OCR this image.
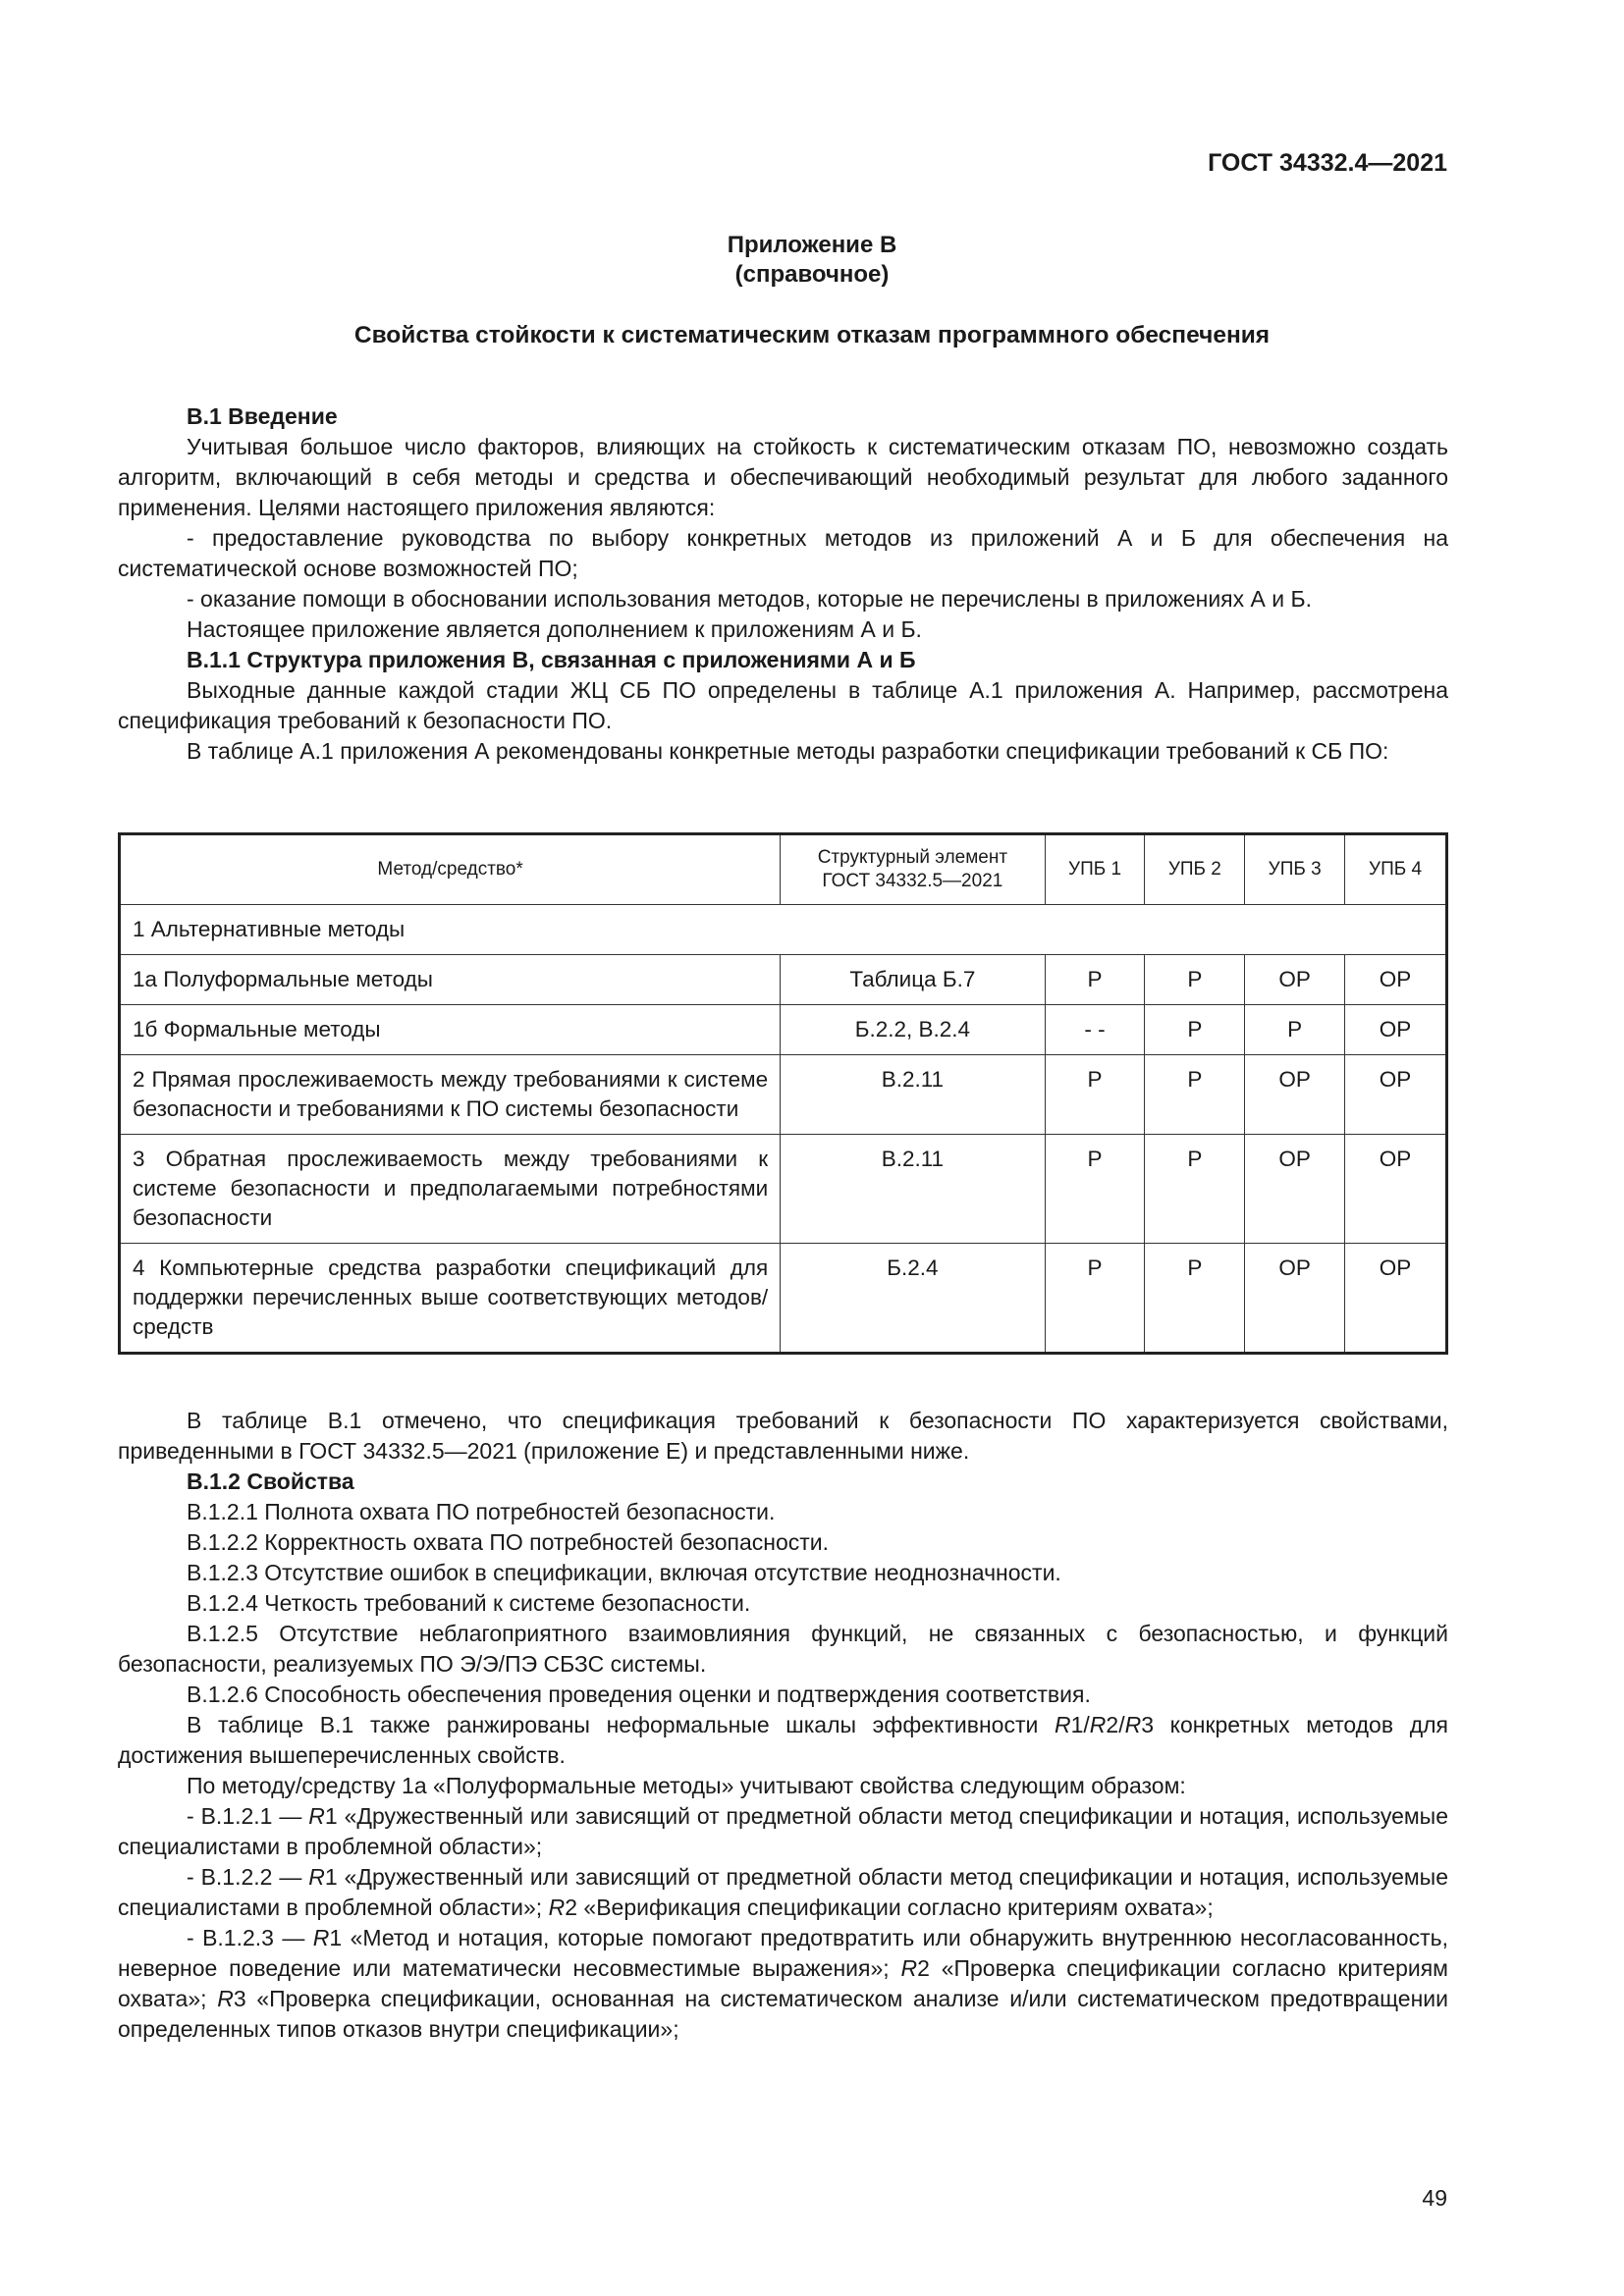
ГОСТ 34332.4—2021
Приложение В
(справочное)
Свойства стойкости к систематическим отказам программного обеспечения

В.1 Введение

Учитывая большое число факторов, влияющих на стойкость к систематическим отказам ПО, невозможно создать алгоритм, включающий в себя методы и средства и обеспечивающий необходимый результат для любого заданного применения. Целями настоящего приложения являются:

- предоставление руководства по выбору конкретных методов из приложений А и Б для обеспечения на систематической основе возможностей ПО;

- оказание помощи в обосновании использования методов, которые не перечислены в приложениях А и Б.

Настоящее приложение является дополнением к приложениям А и Б.

В.1.1 Структура приложения В, связанная с приложениями А и Б

Выходные данные каждой стадии ЖЦ СБ ПО определены в таблице А.1 приложения А. Например, рассмотрена спецификация требований к безопасности ПО.

В таблице А.1 приложения А рекомендованы конкретные методы разработки спецификации требований к СБ ПО:

Метод/средство*	Структурный элемент ГОСТ 34332.5—2021	УПБ 1	УПБ 2	УПБ 3	УПБ 4
1 Альтернативные методы					
1а Полуформальные методы	Таблица Б.7	Р	Р	ОР	ОР
1б Формальные методы	Б.2.2, В.2.4	- -	Р	Р	ОР
2 Прямая прослеживаемость между требованиями к системе безопасности и требованиями к ПО системы безопасности	В.2.11	Р	Р	ОР	ОР
3 Обратная прослеживаемость между требованиями к системе безопасности и предполагаемыми потребностями безопасности	В.2.11	Р	Р	ОР	ОР
4 Компьютерные средства разработки спецификаций для поддержки перечисленных выше соответствующих методов/средств	Б.2.4	Р	Р	ОР	ОР

В таблице В.1 отмечено, что спецификация требований к безопасности ПО характеризуется свойствами, приведенными в ГОСТ 34332.5—2021 (приложение Е) и представленными ниже.

В.1.2 Свойства

В.1.2.1 Полнота охвата ПО потребностей безопасности.

В.1.2.2 Корректность охвата ПО потребностей безопасности.

В.1.2.3 Отсутствие ошибок в спецификации, включая отсутствие неоднозначности.

В.1.2.4 Четкость требований к системе безопасности.

В.1.2.5 Отсутствие неблагоприятного взаимовлияния функций, не связанных с безопасностью, и функций безопасности, реализуемых ПО Э/Э/ПЭ СБЗС системы.

В.1.2.6 Способность обеспечения проведения оценки и подтверждения соответствия.

В таблице В.1 также ранжированы неформальные шкалы эффективности R1/R2/R3 конкретных методов для достижения вышеперечисленных свойств.

По методу/средству 1а «Полуформальные методы» учитывают свойства следующим образом:

- В.1.2.1 — R1 «Дружественный или зависящий от предметной области метод спецификации и нотация, используемые специалистами в проблемной области»;

- В.1.2.2 — R1 «Дружественный или зависящий от предметной области метод спецификации и нотация, используемые специалистами в проблемной области»; R2 «Верификация спецификации согласно критериям охвата»;

- В.1.2.3 — R1 «Метод и нотация, которые помогают предотвратить или обнаружить внутреннюю несогласованность, неверное поведение или математически несовместимые выражения»; R2 «Проверка спецификации согласно критериям охвата»; R3 «Проверка спецификации, основанная на систематическом анализе и/или систематическом предотвращении определенных типов отказов внутри спецификации»;

49
